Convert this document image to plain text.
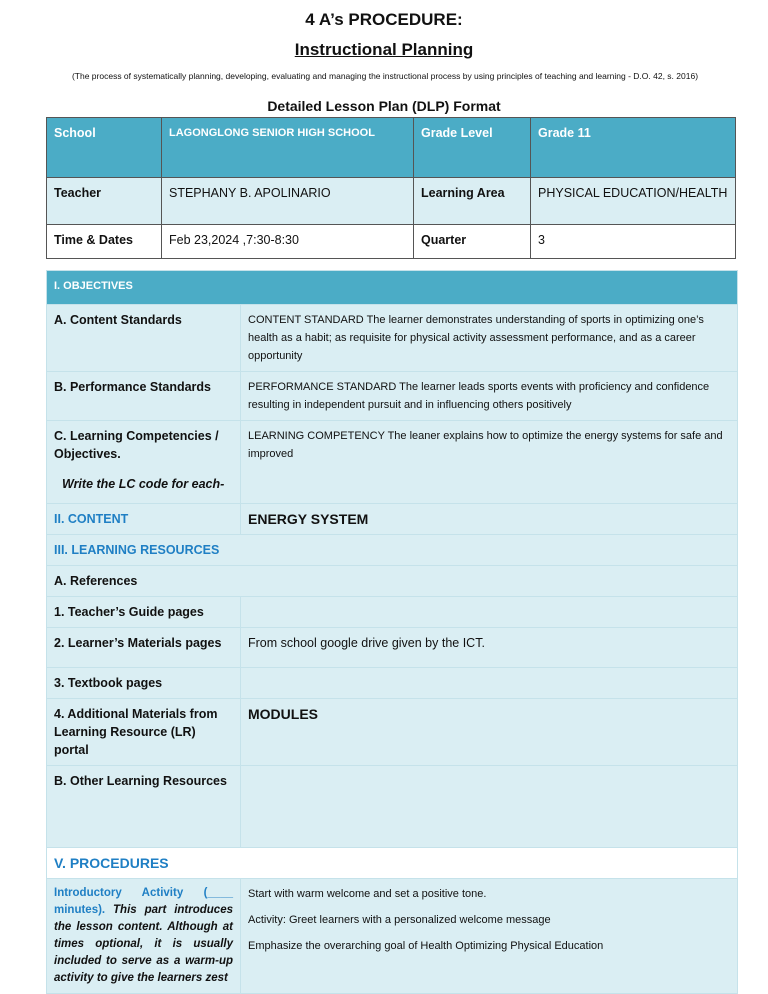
4 A’s PROCEDURE:
Instructional Planning
(The process of systematically planning, developing, evaluating and managing the instructional process by using principles of teaching and learning - D.O. 42, s. 2016)
Detailed Lesson Plan (DLP) Format
School	LAGONGLONG SENIOR HIGH SCHOOL	Grade Level	Grade 11
Teacher	STEPHANY B. APOLINARIO	Learning Area	PHYSICAL EDUCATION/HEALTH
Time & Dates	Feb 23,2024 ,7:30-8:30	Quarter	3
I. OBJECTIVES	
A. Content Standards	CONTENT STANDARD The learner demonstrates understanding of sports in optimizing one’s health as a habit; as requisite for physical activity assessment performance, and as a career opportunity
B. Performance Standards	PERFORMANCE STANDARD The learner leads sports events with proficiency and confidence resulting in independent pursuit and in influencing others positively

C. Learning Competencies / Objectives.
Write the LC code for each-	LEARNING COMPETENCY The leaner explains how to optimize the energy systems for safe and improved
II. CONTENT	ENERGY SYSTEM
III. LEARNING RESOURCES	
A. References	
1. Teacher’s Guide pages	
2. Learner’s Materials pages	From school google drive given by the ICT.
3. Textbook pages	
4. Additional Materials from Learning Resource (LR) portal	MODULES
B. Other Learning Resources	
V. PROCEDURES	
Introductory Activity (____ minutes). This part introduces the lesson content. Although at times optional, it is usually included to serve as a warm-up activity to give the learners zest	Start with warm welcome and set a positive tone.
Activity: Greet learners with a personalized welcome message
Emphasize the overarching goal of Health Optimizing Physical Education
